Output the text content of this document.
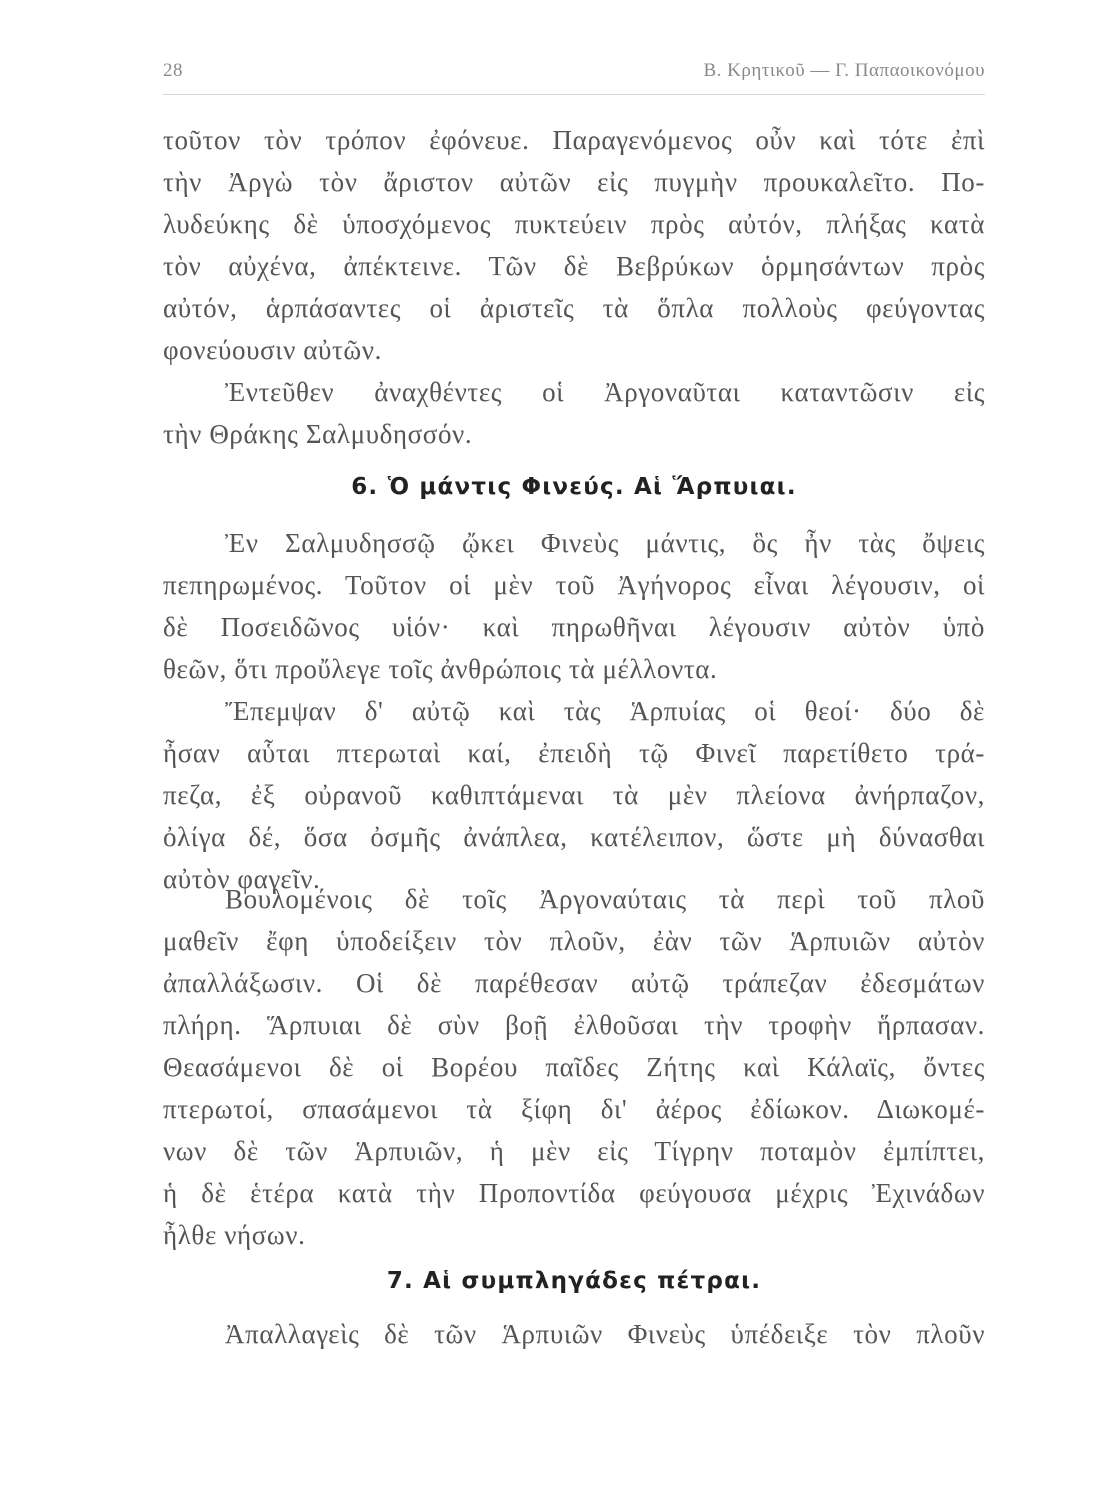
28	Β. Κρητικοῦ — Γ. Παπαοικονόμου
τοῦτον τὸν τρόπον ἐφόνευε. Παραγενόμενος οὖν καὶ τότε ἐπὶ
τὴν Ἀργὼ τὸν ἄριστον αὐτῶν εἰς πυγμὴν προυκαλεῖτο. Πο-
λυδεύκης δὲ ὑποσχόμενος πυκτεύειν πρὸς αὐτόν, πλήξας κατὰ
τὸν αὐχένα, ἀπέκτεινε. Τῶν δὲ Βεβρύκων ὁρμησάντων πρὸς
αὐτόν, ἁρπάσαντες οἱ ἀριστεῖς τὰ ὅπλα πολλοὺς φεύγοντας
φονεύουσιν αὐτῶν.
Ἐντεῦθεν ἀναχθέντες οἱ Ἀργοναῦται καταντῶσιν εἰς
τὴν Θράκης Σαλμυδησσόν.
6. Ὁ μάντις Φινεύς. Αἱ Ἅρπυιαι.
Ἐν Σαλμυδησσῷ ᾤκει Φινεὺς μάντις, ὃς ἦν τὰς ὄψεις
πεπηρωμένος. Τοῦτον οἱ μὲν τοῦ Ἀγήνορος εἶναι λέγουσιν, οἱ
δὲ Ποσειδῶνος υἱόν· καὶ πηρωθῆναι λέγουσιν αὐτὸν ὑπὸ
θεῶν, ὅτι προὔλεγε τοῖς ἀνθρώποις τὰ μέλλοντα.
Ἔπεμψαν δ' αὐτῷ καὶ τὰς Ἁρπυίας οἱ θεοί· δύο δὲ
ἦσαν αὗται πτερωταὶ καί, ἐπειδὴ τῷ Φινεῖ παρετίθετο τρά-
πεζα, ἐξ οὐρανοῦ καθιπτάμεναι τὰ μὲν πλείονα ἀνήρπαζον,
ὀλίγα δέ, ὅσα ὀσμῆς ἀνάπλεα, κατέλειπον, ὥστε μὴ δύνασθαι
αὐτὸν φαγεῖν.
Βουλομένοις δὲ τοῖς Ἀργοναύταις τὰ περὶ τοῦ πλοῦ
μαθεῖν ἔφη ὑποδείξειν τὸν πλοῦν, ἐὰν τῶν Ἁρπυιῶν αὐτὸν
ἀπαλλάξωσιν. Οἱ δὲ παρέθεσαν αὐτῷ τράπεζαν ἐδεσμάτων
πλήρη. Ἅρπυιαι δὲ σὺν βοῇ ἐλθοῦσαι τὴν τροφὴν ἥρπασαν.
Θεασάμενοι δὲ οἱ Βορέου παῖδες Ζήτης καὶ Κάλαϊς, ὄντες
πτερωτοί, σπασάμενοι τὰ ξίφη δι' ἀέρος ἐδίωκον. Διωκομέ-
νων δὲ τῶν Ἁρπυιῶν, ἡ μὲν εἰς Τίγρην ποταμὸν ἐμπίπτει,
ἡ δὲ ἑτέρα κατὰ τὴν Προποντίδα φεύγουσα μέχρις Ἐχινάδων
ἦλθε νήσων.
7. Αἱ συμπληγάδες πέτραι.
Ἀπαλλαγεὶς δὲ τῶν Ἁρπυιῶν Φινεὺς ὑπέδειξε τὸν πλοῦν
